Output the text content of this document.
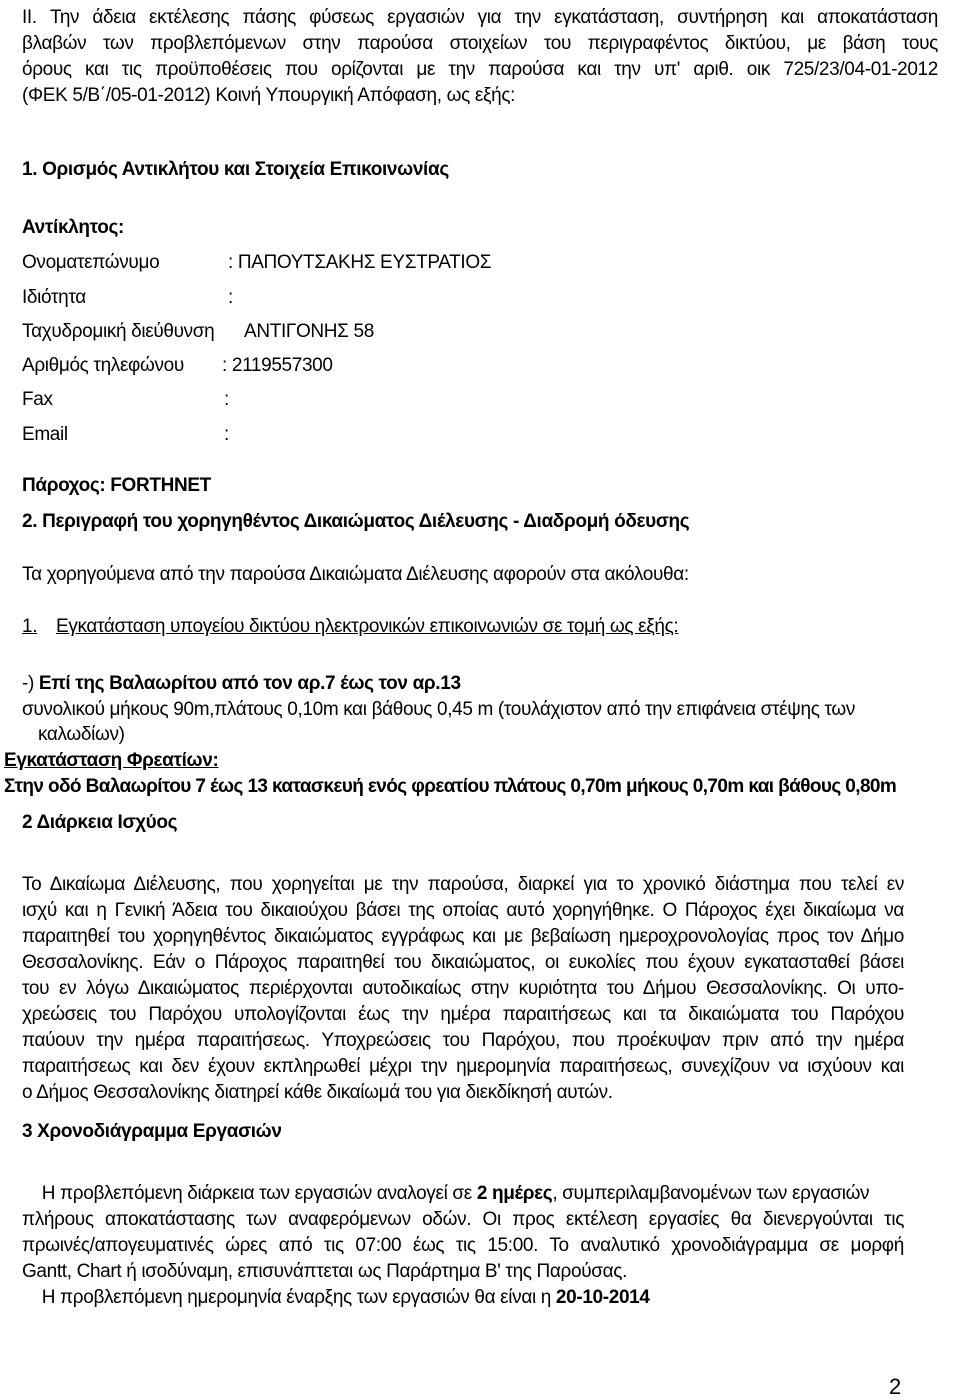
II. Την άδεια εκτέλεσης πάσης φύσεως εργασιών για την εγκατάσταση, συντήρηση και αποκατάσταση
βλαβών των προβλεπόμενων στην παρούσα στοιχείων του περιγραφέντος δικτύου, με βάση τους
όρους και τις προϋποθέσεις που ορίζονται με την παρούσα και την υπ' αριθ. οικ 725/23/04-01-2012
(ΦΕΚ 5/Β΄/05-01-2012) Κοινή Υπουργική Απόφαση, ως εξής:
1. Ορισμός Αντικλήτου και Στοιχεία Επικοινωνίας
Αντίκλητος:
Ονοματεπώνυμο	: ΠΑΠΟΥΤΣΑΚΗΣ ΕΥΣΤΡΑΤΙΟΣ
Ιδιότητα	:
Ταχυδρομική διεύθυνση ΑΝΤΙΓΟΝΗΣ 58
Αριθμός τηλεφώνου : 2119557300
Fax	:
Email	:
Πάροχος: FORTHNET
2. Περιγραφή του χορηγηθέντος Δικαιώματος Διέλευσης - Διαδρομή όδευσης
Τα χορηγούμενα από την παρούσα Δικαιώματα Διέλευσης αφορούν στα ακόλουθα:
1. Εγκατάσταση υπογείου δικτύου ηλεκτρονικών επικοινωνιών σε τομή ως εξής:
-) Επί της Βαλαωρίτου από τον αρ.7 έως τον αρ.13
συνολικού μήκους 90m,πλάτους 0,10m και βάθους 0,45 m (τουλάχιστον από την επιφάνεια στέψης των
καλωδίων)
Εγκατάσταση Φρεατίων:
Στην οδό Βαλαωρίτου 7 έως 13 κατασκευή ενός φρεατίου πλάτους 0,70m μήκους 0,70m και βάθους 0,80m
2 Διάρκεια Ισχύος
Το Δικαίωμα Διέλευσης, που χορηγείται με την παρούσα, διαρκεί για το χρονικό διάστημα που τελεί εν
ισχύ και η Γενική Άδεια του δικαιούχου βάσει της οποίας αυτό χορηγήθηκε. Ο Πάροχος έχει δικαίωμα να
παραιτηθεί του χορηγηθέντος δικαιώματος εγγράφως και με βεβαίωση ημεροχρονολογίας προς τον Δήμο
Θεσσαλονίκης. Εάν ο Πάροχος παραιτηθεί του δικαιώματος, οι ευκολίες που έχουν εγκατασταθεί βάσει
του εν λόγω Δικαιώματος περιέρχονται αυτοδικαίως στην κυριότητα του Δήμου Θεσσαλονίκης. Οι υπο-
χρεώσεις του Παρόχου υπολογίζονται έως την ημέρα παραιτήσεως και τα δικαιώματα του Παρόχου
παύουν την ημέρα παραιτήσεως. Υποχρεώσεις του Παρόχου, που προέκυψαν πριν από την ημέρα
παραιτήσεως και δεν έχουν εκπληρωθεί μέχρι την ημερομηνία παραιτήσεως, συνεχίζουν να ισχύουν και
ο Δήμος Θεσσαλονίκης διατηρεί κάθε δικαίωμά του για διεκδίκησή αυτών.
3 Χρονοδιάγραμμα Εργασιών
Η προβλεπόμενη διάρκεια των εργασιών αναλογεί σε 2 ημέρες, συμπεριλαμβανομένων των εργασιών
πλήρους αποκατάστασης των αναφερόμενων οδών. Οι προς εκτέλεση εργασίες θα διενεργούνται τις
πρωινές/απογευματινές ώρες από τις 07:00 έως τις 15:00. Το αναλυτικό χρονοδιάγραμμα σε μορφή
Gantt, Chart ή ισοδύναμη, επισυνάπτεται ως Παράρτημα Β' της Παρούσας.
Η προβλεπόμενη ημερομηνία έναρξης των εργασιών θα είναι η 20-10-2014
2
